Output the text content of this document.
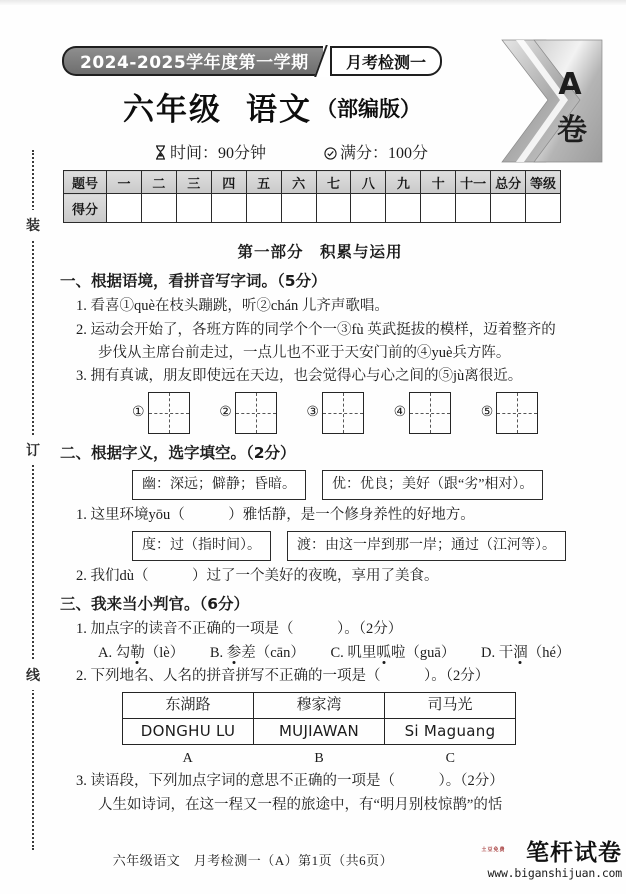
装
订
线
2024-2025学年度第一学期	月考检测一
六年级 语文 （部编版）
时间：90分钟	满分：100分
A
卷
题号	一	二	三	四	五	六	七	八	九	十	十一	总分	等级
得分													
第一部分　积累与运用
一、根据语境，看拼音写字词。（5分）
1. 看喜①què在枝头蹦跳，听②chán 儿齐声歌唱。
2. 运动会开始了，各班方阵的同学个个一③fù 英武挺拔的模样，迈着整齐的
步伐从主席台前走过，一点儿也不亚于天安门前的④yuè兵方阵。
3. 拥有真诚，朋友即使远在天边，也会觉得心与心之间的⑤jù离很近。
①	②	③	④	⑤
二、根据字义，选字填空。（2分）
幽：深远；僻静；昏暗。	优：优良；美好（跟“劣”相对）。
1. 这里环境yōu（　　　）雅恬静，是一个修身养性的好地方。
度：过（指时间）。	渡：由这一岸到那一岸；通过（江河等）。
2. 我们dù（　　　）过了一个美好的夜晚，享用了美食。
三、我来当小判官。（6分）
1. 加点字的读音不正确的一项是（　　　）。（2分）
A. 勾勒（lè） B. 参差（cān） C. 叽里呱啦（guā） D. 干涸（hé）
2. 下列地名、人名的拼音拼写不正确的一项是（　　　）。（2分）
东湖路	穆家湾	司马光
DONGHU LU	MUJIAWAN	Si Maguang
A	B	C
3. 读语段，下列加点字词的意思不正确的一项是（　　　）。（2分）
人生如诗词，在这一程又一程的旅途中，有“明月别枝惊鹊”的恬
六年级语文　月考检测一（A）第1页（共6页）
土豆免费 笔杆试卷
www.biganshijuan.com
